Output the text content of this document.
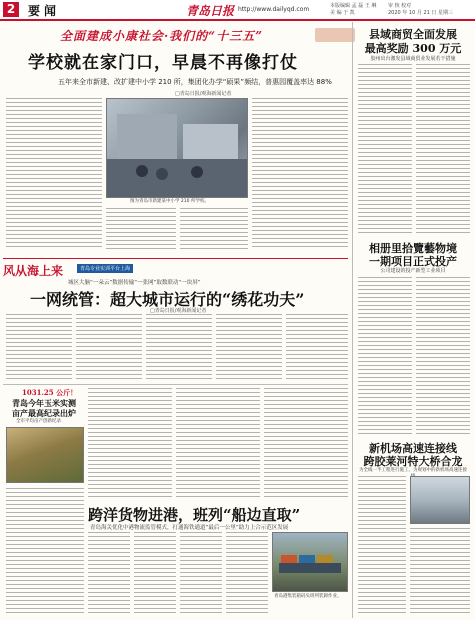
2	要闻	青岛日报 http://www.dailyqd.com	本版编辑 孟 磊 王 琳
美 编 于 凯
审 核 校对
2020 年 10 月 21 日 星期三
全面建成小康社会·我们的“十三五”
学校就在家门口，早晨不再像打仗
五年来全市新建、改扩建中小学 210 所，集团化办学“硕果”频结，普惠园覆盖率达 88%
□青岛日报/观海新闻记者
图为青岛市新建某中小学 210 所学校。
县域商贸全面发展
最高奖励 300 万元
胶州出台激发县域商贸业发展若干措施
相册里拾覽藝物境
一期项目正式投产
公司建设的投产新型工业项目
新机场高速连接线
跨胶莱河特大桥合龙
为全线一半工程进行施工，为规划中的新机场高速连接
风从海上来	青岛专业实训平台上海
城区大脑“一朵云”数据传输“一张网”取数联动“一块屏”
一网统管：超大城市运行的“绣花功夫”
□青岛日报/观海新闻记者
1031.25 公斤！
青岛今年玉米实测
亩产最高纪录出炉
全市平均亩产创新纪录
跨洋货物进港，班列“船边直取”
青岛海关优化中港物流监管模式，打通海铁通道“最后一公里”助力上合示范区发展
青岛港集装箱码头班列装卸作业。
